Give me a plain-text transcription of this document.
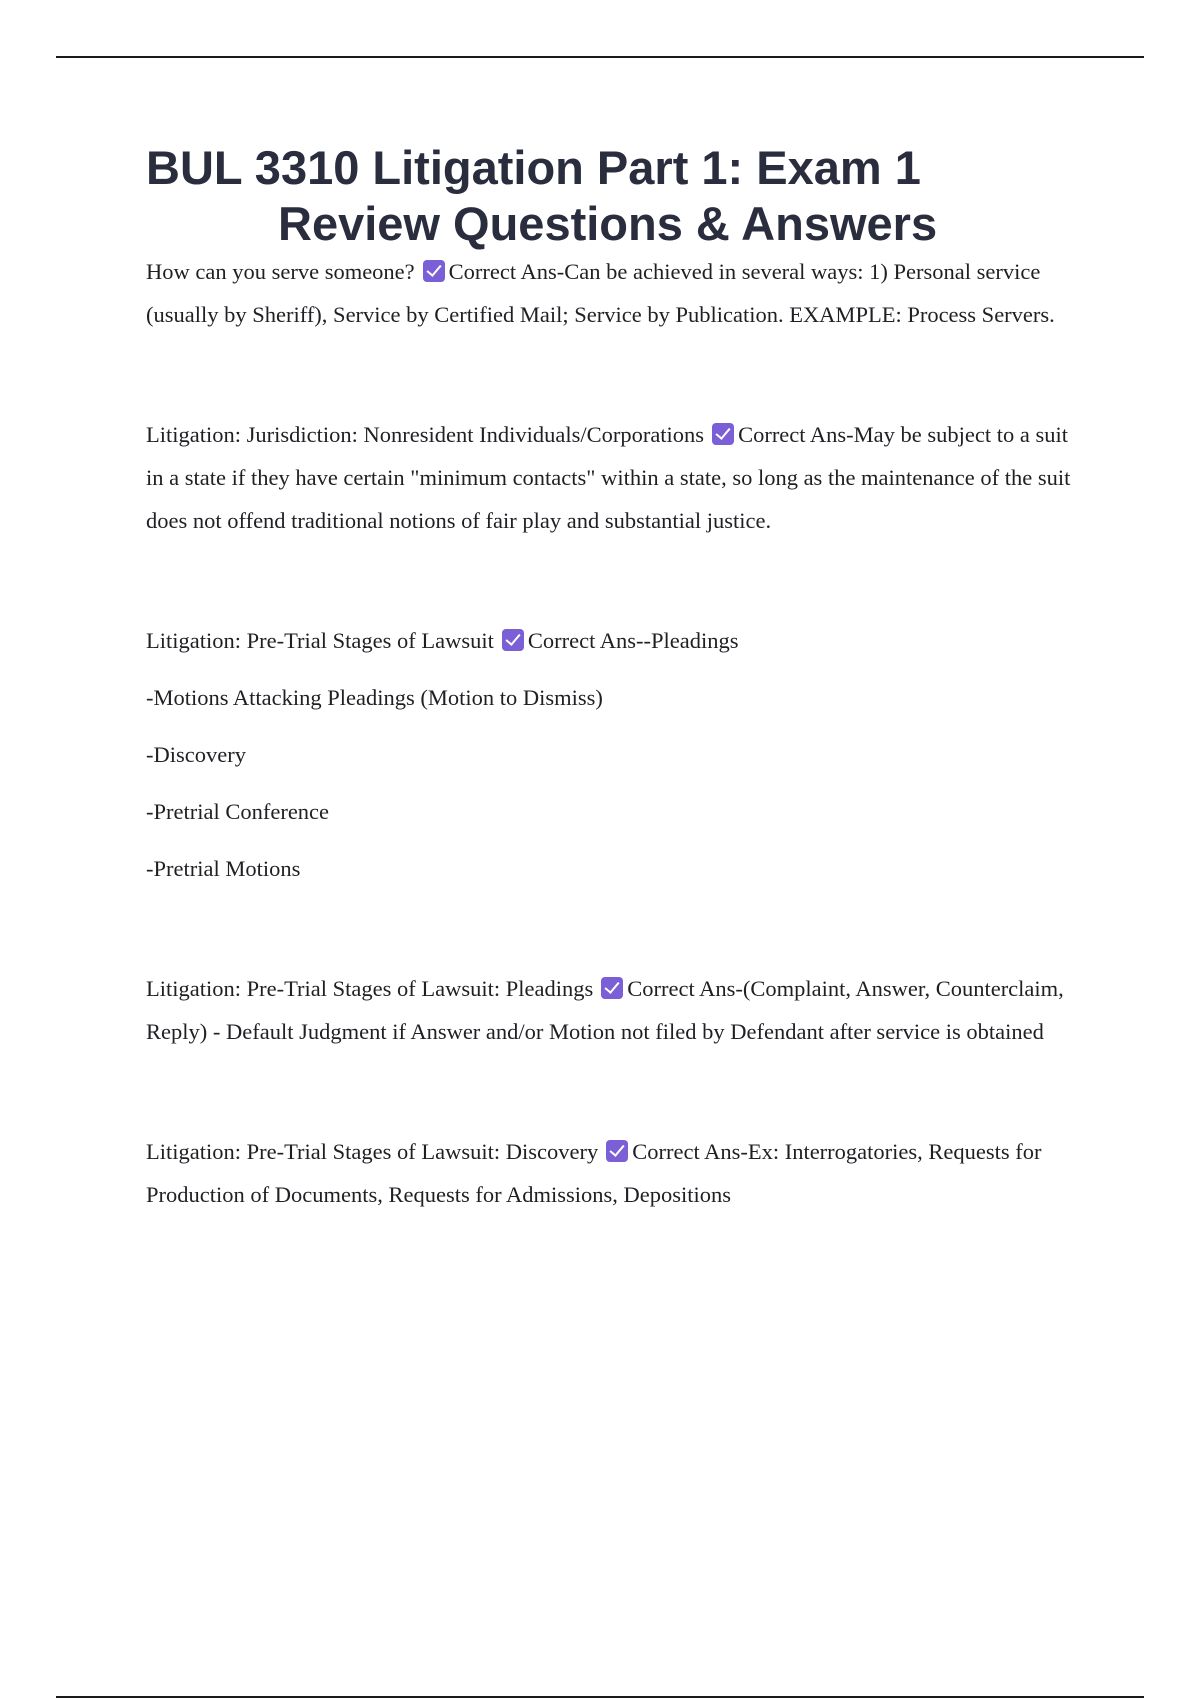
BUL 3310 Litigation Part 1: Exam 1
Review Questions & Answers

How can you serve someone? Correct Ans-Can be achieved in several ways: 1) Personal service (usually by Sheriff), Service by Certified Mail; Service by Publication. EXAMPLE: Process Servers.

Litigation: Jurisdiction: Nonresident Individuals/Corporations Correct Ans-May be subject to a suit in a state if they have certain "minimum contacts" within a state, so long as the maintenance of the suit does not offend traditional notions of fair play and substantial justice.

Litigation: Pre-Trial Stages of Lawsuit Correct Ans--Pleadings

-Motions Attacking Pleadings (Motion to Dismiss)

-Discovery

-Pretrial Conference

-Pretrial Motions

Litigation: Pre-Trial Stages of Lawsuit: Pleadings Correct Ans-(Complaint, Answer, Counterclaim, Reply) - Default Judgment if Answer and/or Motion not filed by Defendant after service is obtained

Litigation: Pre-Trial Stages of Lawsuit: Discovery Correct Ans-Ex: Interrogatories, Requests for Production of Documents, Requests for Admissions, Depositions
